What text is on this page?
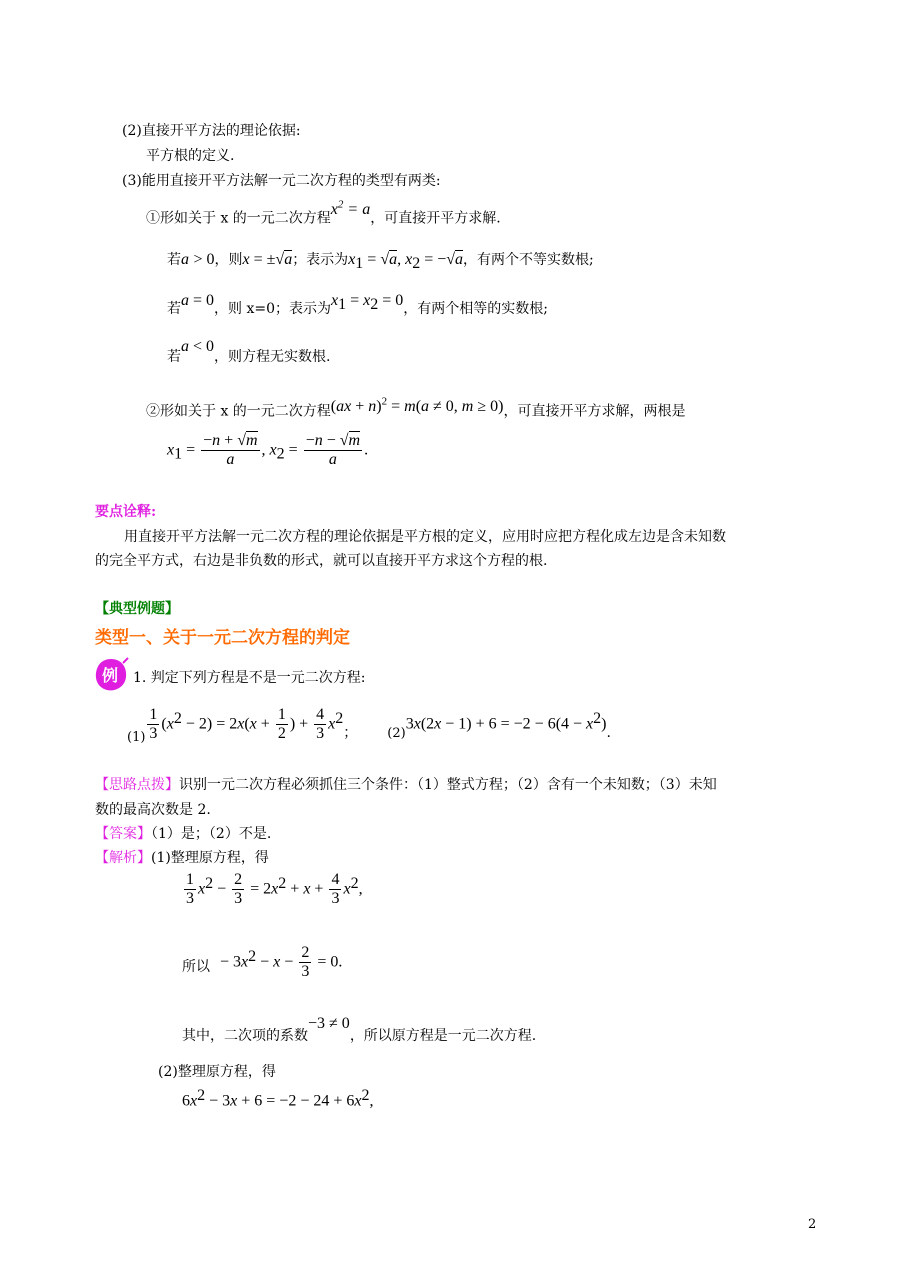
(2)直接开平方法的理论依据:
平方根的定义.
(3)能用直接开平方法解一元二次方程的类型有两类:
①形如关于 x 的一元二次方程$x^2 = a$，可直接开平方求解.
若a > 0，则x = ±√a；表示为$x_1 = √a$, $x_2 = -√a$，有两个不等实数根;
若a = 0，则 x=0；表示为$x_1 = x_2 = 0$，有两个相等的实数根;
若a < 0，则方程无实数根.
②形如关于 x 的一元二次方程(ax + n)$^2$ = m(a ≠ 0, m ≥ 0)，可直接开平方求解，两根是
$x_1 = \frac{-n + √m}{a}$ , $x_2 = \frac{-n - √m}{a}$ .
要点诠释:
用直接开平方法解一元二次方程的理论依据是平方根的定义，应用时应把方程化成左边是含未知数
的完全平方式，右边是非负数的形式，就可以直接开平方求这个方程的根.
【典型例题】
类型一、关于一元二次方程的判定
例 1. 判定下列方程是不是一元二次方程:
$(1) \frac{1}{3} (x^2 - 2) = 2x(x + \frac{1}{2}$ ) + $\frac{4}{3} x^2$； $(2)3x(2x - 1) + 6 = -2 - 6(4 - x^2)$.
【思路点拨】识别一元二次方程必须抓住三个条件：（1）整式方程；（2）含有一个未知数；（3）未知
数的最高次数是 2.
【答案】（1）是；（2）不是.
【解析】(1)整理原方程，得
$\frac{1}{3} x^2 - \frac{2}{3} = 2x^2 + x + \frac{4}{3} x^2$,
所以 − $3x^2 - x - \frac{2}{3} = 0$.
其中，二次项的系数−3 ≠ 0，所以原方程是一元二次方程.
(2)整理原方程，得
$6x^2 - 3x + 6 = -2 - 24 + 6x^2$,
2
